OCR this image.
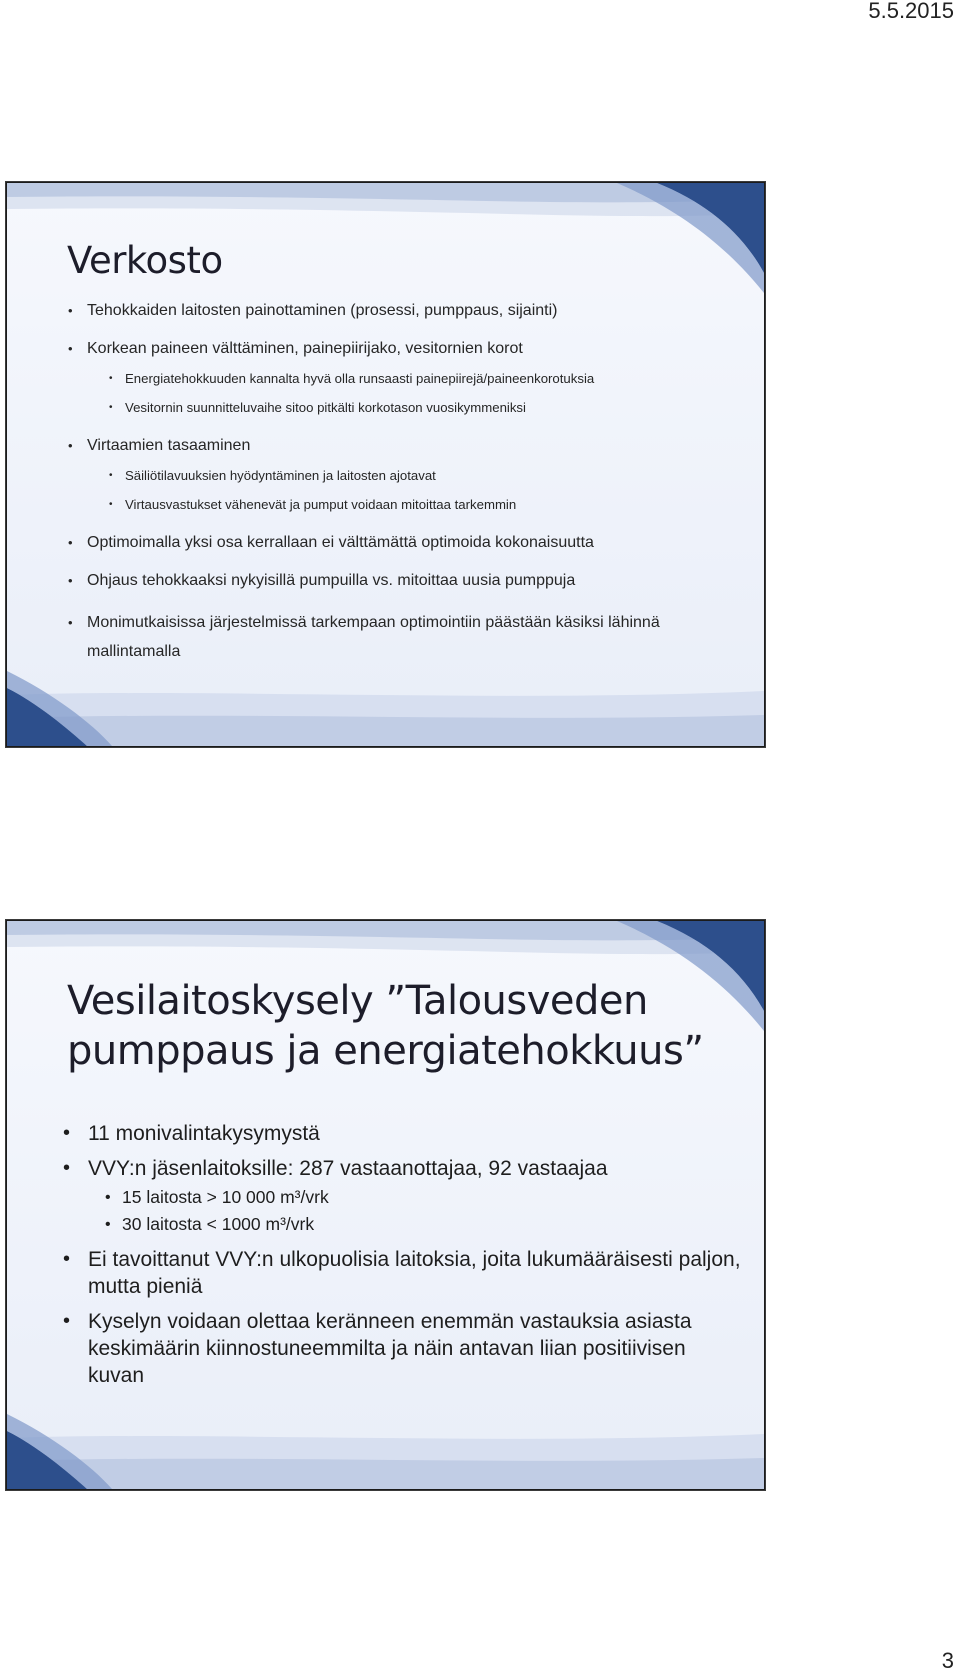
5.5.2015
Verkosto
• Tehokkaiden laitosten painottaminen (prosessi, pumppaus, sijainti)
• Korkean paineen välttäminen, painepiirijako, vesitornien korot
• Energiatehokkuuden kannalta hyvä olla runsaasti painepiirejä/paineenkorotuksia
• Vesitornin suunnitteluvaihe sitoo pitkälti korkotason vuosikymmeniksi
• Virtaamien tasaaminen
• Säiliötilavuuksien hyödyntäminen ja laitosten ajotavat
• Virtausvastukset vähenevät ja pumput voidaan mitoittaa tarkemmin
• Optimoimalla yksi osa kerrallaan ei välttämättä optimoida kokonaisuutta
• Ohjaus tehokkaaksi nykyisillä pumpuilla vs. mitoittaa uusia pumppuja
• Monimutkaisissa järjestelmissä tarkempaan optimointiin päästään käsiksi lähinnä mallintamalla
Vesilaitoskysely ”Talousveden pumppaus ja energiatehokkuus”
• 11 monivalintakysymystä
• VVY:n jäsenlaitoksille: 287 vastaanottajaa, 92 vastaajaa
• 15 laitosta > 10 000 m³/vrk
• 30 laitosta < 1000 m³/vrk
• Ei tavoittanut VVY:n ulkopuolisia laitoksia, joita lukumääräisesti paljon, mutta pieniä
• Kyselyn voidaan olettaa keränneen enemmän vastauksia asiasta keskimäärin kiinnostuneemmilta ja näin antavan liian positiivisen kuvan
3
